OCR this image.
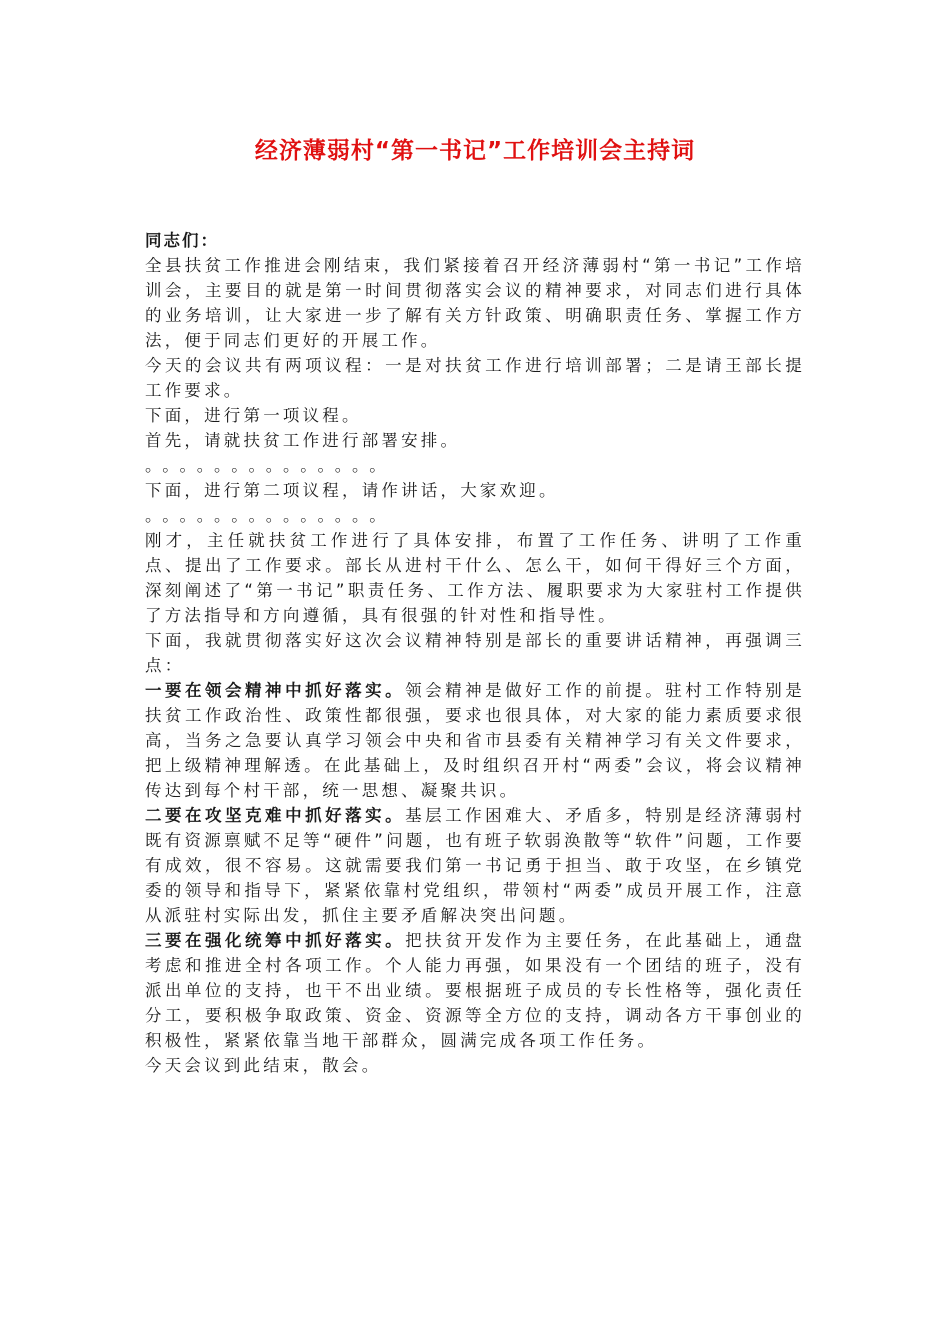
经济薄弱村“第一书记”工作培训会主持词

同志们：

全县扶贫工作推进会刚结束，我们紧接着召开经济薄弱村“第一书记”工作培训会，主要目的就是第一时间贯彻落实会议的精神要求，对同志们进行具体的业务培训，让大家进一步了解有关方针政策、明确职责任务、掌握工作方法，便于同志们更好的开展工作。

今天的会议共有两项议程：一是对扶贫工作进行培训部署；二是请王部长提工作要求。

下面，进行第一项议程。

首先，请就扶贫工作进行部署安排。

。。。。。。。。。。。。。。

下面，进行第二项议程，请作讲话，大家欢迎。

。。。。。。。。。。。。。。

刚才，主任就扶贫工作进行了具体安排，布置了工作任务、讲明了工作重点、提出了工作要求。部长从进村干什么、怎么干，如何干得好三个方面，深刻阐述了“第一书记”职责任务、工作方法、履职要求为大家驻村工作提供了方法指导和方向遵循，具有很强的针对性和指导性。

下面，我就贯彻落实好这次会议精神特别是部长的重要讲话精神，再强调三点：

一要在领会精神中抓好落实。领会精神是做好工作的前提。驻村工作特别是扶贫工作政治性、政策性都很强，要求也很具体，对大家的能力素质要求很高，当务之急要认真学习领会中央和省市县委有关精神学习有关文件要求，把上级精神理解透。在此基础上，及时组织召开村“两委”会议，将会议精神传达到每个村干部，统一思想、凝聚共识。

二要在攻坚克难中抓好落实。基层工作困难大、矛盾多，特别是经济薄弱村既有资源禀赋不足等“硬件”问题，也有班子软弱涣散等“软件”问题，工作要有成效，很不容易。这就需要我们第一书记勇于担当、敢于攻坚，在乡镇党委的领导和指导下，紧紧依靠村党组织，带领村“两委”成员开展工作，注意从派驻村实际出发，抓住主要矛盾解决突出问题。

三要在强化统筹中抓好落实。把扶贫开发作为主要任务，在此基础上，通盘考虑和推进全村各项工作。个人能力再强，如果没有一个团结的班子，没有派出单位的支持，也干不出业绩。要根据班子成员的专长性格等，强化责任分工，要积极争取政策、资金、资源等全方位的支持，调动各方干事创业的积极性，紧紧依靠当地干部群众，圆满完成各项工作任务。

今天会议到此结束，散会。
